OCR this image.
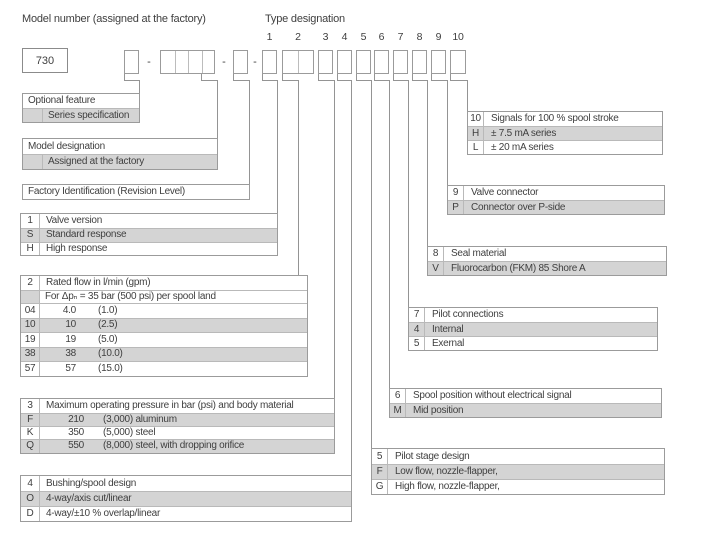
Model number (assigned at the factory)	Type designation
730	-	- -
1	2	3	4	5	6	7	8	9	10
Optional feature
Series specification
Model designation
Assigned at the factory
Factory Identification (Revision Level)
1	Valve version
S	Standard response
H	High response
2	Rated flow in l/min (gpm)
For Δpₙ = 35 bar (500 psi) per spool land
04	4.0	(1.0)
10	10	(2.5)
19	19	(5.0)
38	38	(10.0)
57	57	(15.0)
3	Maximum operating pressure in bar (psi) and body material
F	210	(3,000) aluminum
K	350	(5,000) steel
Q	550	(8,000) steel, with dropping orifice
4	Bushing/spool design
O	4-way/axis cut/linear
D	4-way/±10 % overlap/linear
5	Pilot stage design
F	Low flow, nozzle-flapper,
G	High flow, nozzle-flapper,
6	Spool position without electrical signal
M	Mid position
7	Pilot connections
4	Internal
5	Exernal
8	Seal material
V	Fluorocarbon (FKM) 85 Shore A
9	Valve connector
P	Connector over P-side
10	Signals for 100 % spool stroke
H	± 7.5 mA series
L	± 20 mA series
